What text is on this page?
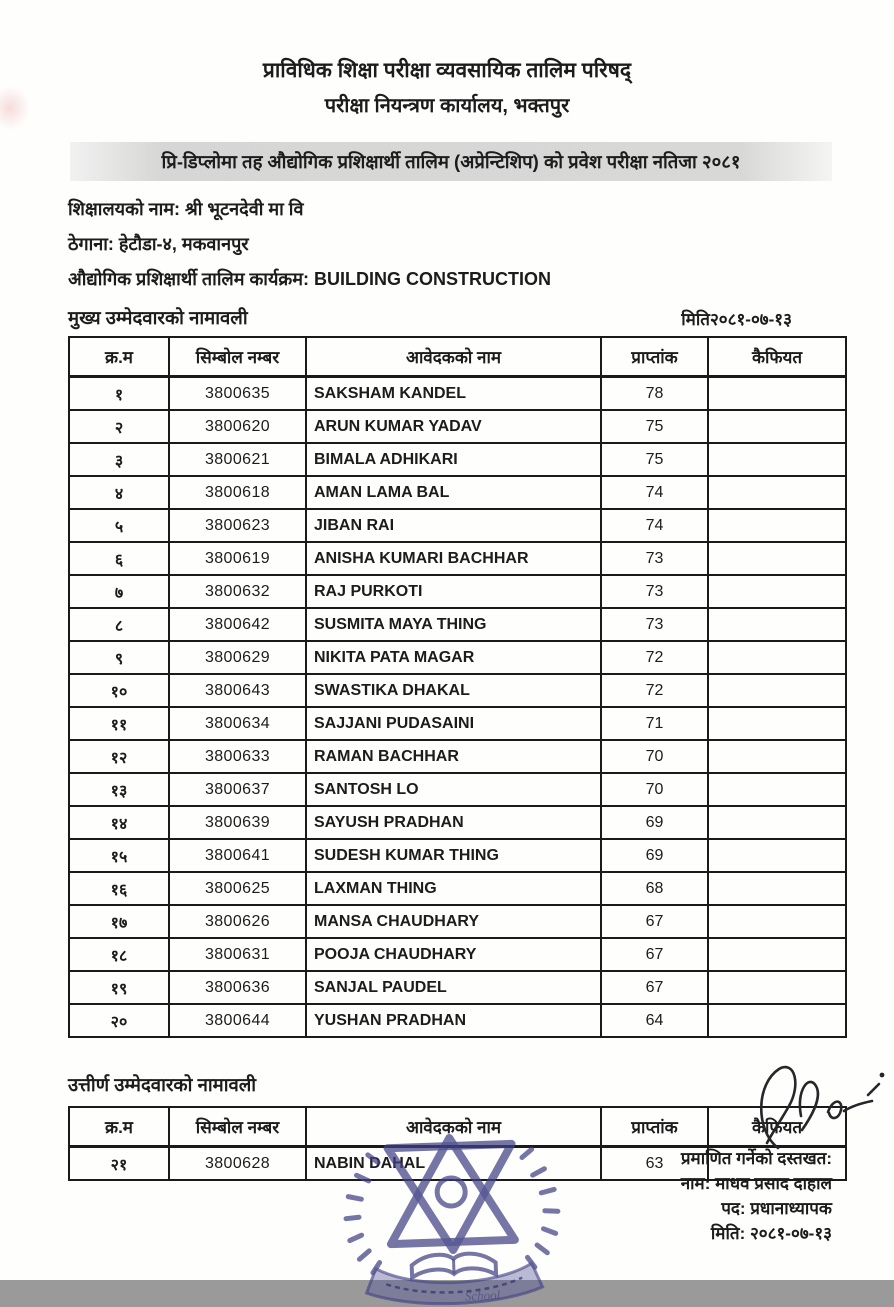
प्राविधिक शिक्षा परीक्षा व्यवसायिक तालिम परिषद्
परीक्षा नियन्त्रण कार्यालय, भक्तपुर
प्रि-डिप्लोमा तह औद्योगिक प्रशिक्षार्थी तालिम (अप्रेन्टिशिप) को प्रवेश परीक्षा नतिजा २०८१
शिक्षालयको नाम: श्री भूटनदेवी मा वि
ठेगाना: हेटौडा-४, मकवानपुर
औद्योगिक प्रशिक्षार्थी तालिम कार्यक्रम: BUILDING CONSTRUCTION
मुख्य उम्मेदवारको नामावली	मिति२०८१-०७-१३
क्र.म	सिम्बोल नम्बर	आवेदकको नाम	प्राप्तांक	कैफियत
१	3800635	SAKSHAM KANDEL	78	
२	3800620	ARUN KUMAR YADAV	75	
३	3800621	BIMALA ADHIKARI	75	
४	3800618	AMAN LAMA BAL	74	
५	3800623	JIBAN RAI	74	
६	3800619	ANISHA KUMARI BACHHAR	73	
७	3800632	RAJ PURKOTI	73	
८	3800642	SUSMITA MAYA THING	73	
९	3800629	NIKITA PATA MAGAR	72	
१०	3800643	SWASTIKA DHAKAL	72	
११	3800634	SAJJANI PUDASAINI	71	
१२	3800633	RAMAN BACHHAR	70	
१३	3800637	SANTOSH LO	70	
१४	3800639	SAYUSH PRADHAN	69	
१५	3800641	SUDESH KUMAR THING	69	
१६	3800625	LAXMAN THING	68	
१७	3800626	MANSA CHAUDHARY	67	
१८	3800631	POOJA CHAUDHARY	67	
१९	3800636	SANJAL PAUDEL	67	
२०	3800644	YUSHAN PRADHAN	64	
उत्तीर्ण उम्मेदवारको नामावली
क्र.म	सिम्बोल नम्बर	आवेदकको नाम	प्राप्तांक	कैफियत
२१	3800628	NABIN DAHAL	63	प्रमाणित गर्नेको दस्तखत:
नाम: माधव प्रसाद दाहाल
पद: प्रधानाध्यापक
मिति: २०८१-०७-१३
School
